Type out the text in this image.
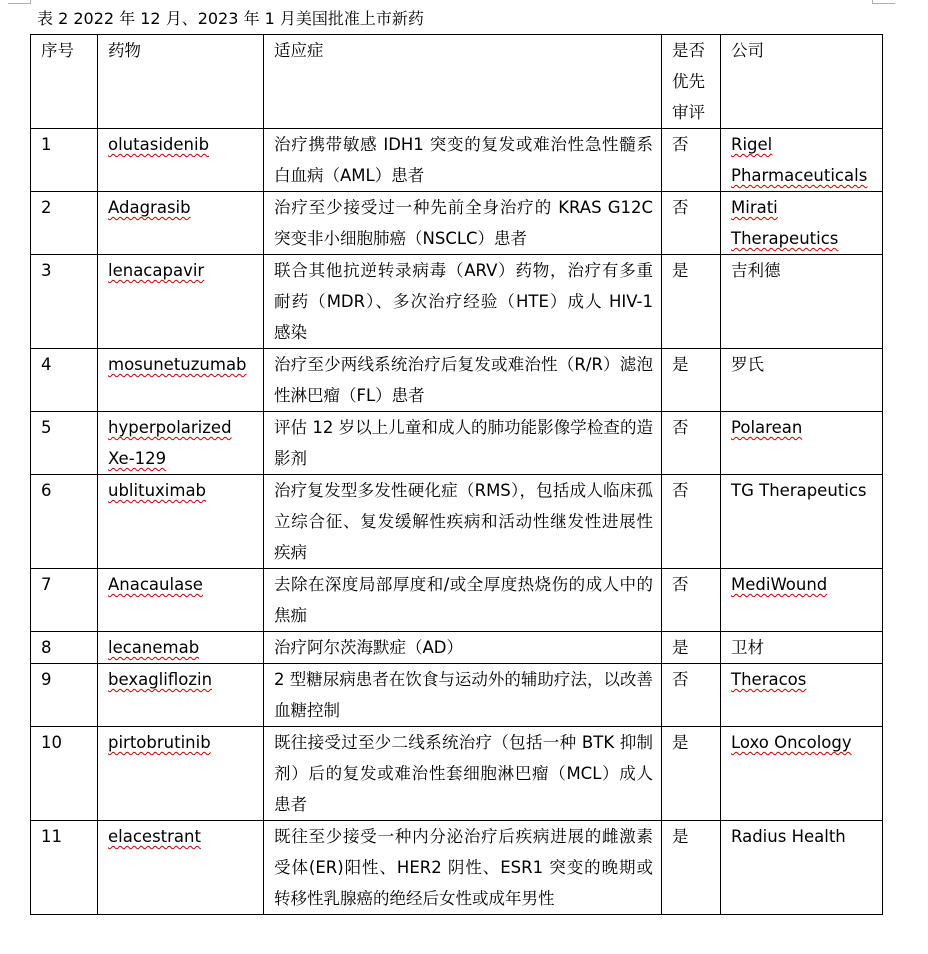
表 2 2022 年 12 月、2023 年 1 月美国批准上市新药
序号	药物	适应症	是否优先审评	公司
1	olutasidenib	治疗携带敏感 IDH1 突变的复发或难治性急性髓系白血病（AML）患者	否	Rigel Pharmaceuticals
2	Adagrasib	治疗至少接受过一种先前全身治疗的 KRAS G12C 突变非小细胞肺癌（NSCLC）患者	否	Mirati Therapeutics
3	lenacapavir	联合其他抗逆转录病毒（ARV）药物，治疗有多重耐药（MDR）、多次治疗经验（HTE）成人 HIV-1 感染	是	吉利德
4	mosunetuzumab	治疗至少两线系统治疗后复发或难治性（R/R）滤泡性淋巴瘤（FL）患者	是	罗氏
5	hyperpolarized Xe-129	评估 12 岁以上儿童和成人的肺功能影像学检查的造影剂	否	Polarean
6	ublituximab	治疗复发型多发性硬化症（RMS），包括成人临床孤立综合征、复发缓解性疾病和活动性继发性进展性疾病	否	TG Therapeutics
7	Anacaulase	去除在深度局部厚度和/或全厚度热烧伤的成人中的焦痂	否	MediWound
8	lecanemab	治疗阿尔茨海默症（AD）	是	卫材
9	bexagliflozin	2 型糖尿病患者在饮食与运动外的辅助疗法，以改善血糖控制	否	Theracos
10	pirtobrutinib	既往接受过至少二线系统治疗（包括一种 BTK 抑制剂）后的复发或难治性套细胞淋巴瘤（MCL）成人患者	是	Loxo Oncology
11	elacestrant	既往至少接受一种内分泌治疗后疾病进展的雌激素受体(ER)阳性、HER2 阴性、ESR1 突变的晚期或转移性乳腺癌的绝经后女性或成年男性	是	Radius Health
